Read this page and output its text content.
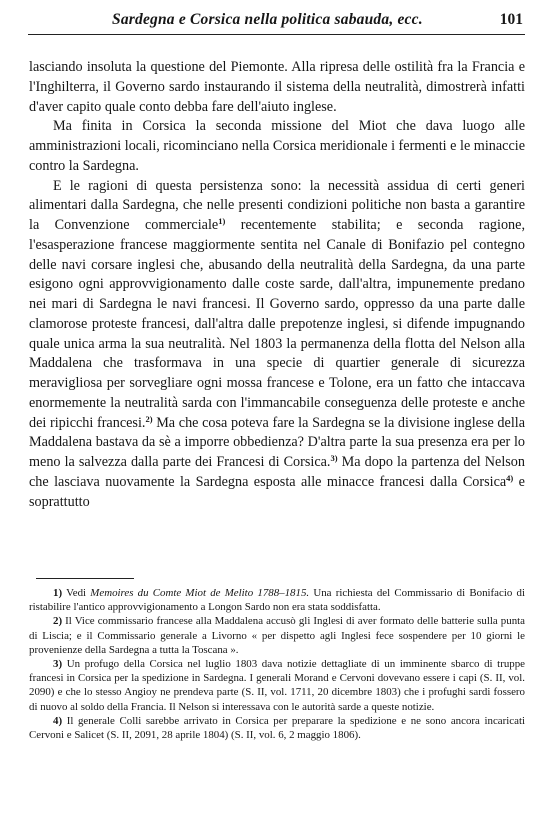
Sardegna e Corsica nella politica sabauda, ecc.	101

lasciando insoluta la questione del Piemonte. Alla ripresa delle ostilità fra la Francia e l'Inghilterra, il Governo sardo instaurando il sistema della neutralità, dimostrerà infatti d'aver capito quale conto debba fare dell'aiuto inglese.

Ma finita in Corsica la seconda missione del Miot che dava luogo alle amministrazioni locali, ricominciano nella Corsica meridionale i fermenti e le minaccie contro la Sardegna.

E le ragioni di questa persistenza sono: la necessità assidua di certi generi alimentari dalla Sardegna, che nelle presenti condizioni politiche non basta a garantire la Convenzione commerciale$^{1)}$ recentemente stabilita; e seconda ragione, l'esasperazione francese maggiormente sentita nel Canale di Bonifazio pel contegno delle navi corsare inglesi che, abusando della neutralità della Sardegna, da una parte esigono ogni approvvigionamento dalle coste sarde, dall'altra, impunemente predano nei mari di Sardegna le navi francesi. Il Governo sardo, oppresso da una parte dalle clamorose proteste francesi, dall'altra dalle prepotenze inglesi, si difende impugnando quale unica arma la sua neutralità. Nel 1803 la permanenza della flotta del Nelson alla Maddalena che trasformava in una specie di quartier generale di sicurezza meravigliosa per sorvegliare ogni mossa francese e Tolone, era un fatto che intaccava enormemente la neutralità sarda con l'immancabile conseguenza delle proteste e anche dei ripicchi francesi.$^{2)}$ Ma che cosa poteva fare la Sardegna se la divisione inglese della Maddalena bastava da sè a imporre obbedienza? D'altra parte la sua presenza era per lo meno la salvezza dalla parte dei Francesi di Corsica.$^{3)}$ Ma dopo la partenza del Nelson che lasciava nuovamente la Sardegna esposta alle minacce francesi dalla Corsica$^{4)}$ e soprattutto

1) Vedi Memoires du Comte Miot de Melito 1788–1815. Una richiesta del Commissario di Bonifacio di ristabilire l'antico approvvigionamento a Longon Sardo non era stata soddisfatta.

2) Il Vice commissario francese alla Maddalena accusò gli Inglesi di aver formato delle batterie sulla punta di Liscia; e il Commissario generale a Livorno « per dispetto agli Inglesi fece sospendere per 10 giorni le provenienze della Sardegna a tutta la Toscana ».

3) Un profugo della Corsica nel luglio 1803 dava notizie dettagliate di un imminente sbarco di truppe francesi in Corsica per la spedizione in Sardegna. I generali Morand e Cervoni dovevano essere i capi (S. II, vol. 2090) e che lo stesso Angioy ne prendeva parte (S. II, vol. 1711, 20 dicembre 1803) che i profughi sardi fossero di nuovo al soldo della Francia. Il Nelson si interessava con le autorità sarde a queste notizie.

4) Il generale Colli sarebbe arrivato in Corsica per preparare la spedizione e ne sono ancora incaricati Cervoni e Salicet (S. II, 2091, 28 aprile 1804) (S. II, vol. 6, 2 maggio 1806).
